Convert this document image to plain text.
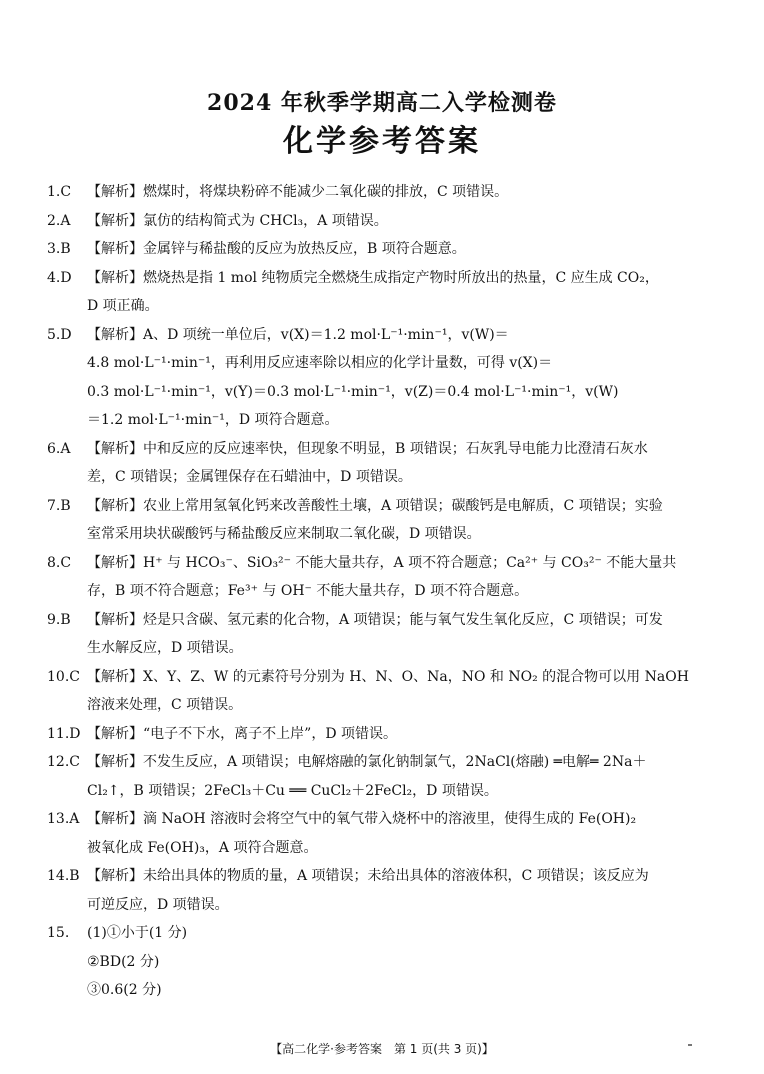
2024 年秋季学期高二入学检测卷
化学参考答案
1.C 【解析】燃煤时，将煤块粉碎不能减少二氧化碳的排放，C 项错误。
2.A 【解析】氯仿的结构简式为 CHCl₃，A 项错误。
3.B 【解析】金属锌与稀盐酸的反应为放热反应，B 项符合题意。
4.D 【解析】燃烧热是指 1 mol 纯物质完全燃烧生成指定产物时所放出的热量，C 应生成 CO₂，
D 项正确。
5.D 【解析】A、D 项统一单位后，v(X)＝1.2 mol·L⁻¹·min⁻¹，v(W)＝
4.8 mol·L⁻¹·min⁻¹，再利用反应速率除以相应的化学计量数，可得 v(X)＝
0.3 mol·L⁻¹·min⁻¹，v(Y)＝0.3 mol·L⁻¹·min⁻¹，v(Z)＝0.4 mol·L⁻¹·min⁻¹，v(W)
＝1.2 mol·L⁻¹·min⁻¹，D 项符合题意。
6.A 【解析】中和反应的反应速率快，但现象不明显，B 项错误；石灰乳导电能力比澄清石灰水
差，C 项错误；金属锂保存在石蜡油中，D 项错误。
7.B 【解析】农业上常用氢氧化钙来改善酸性土壤，A 项错误；碳酸钙是电解质，C 项错误；实验
室常采用块状碳酸钙与稀盐酸反应来制取二氧化碳，D 项错误。
8.C 【解析】H⁺ 与 HCO₃⁻、SiO₃²⁻ 不能大量共存，A 项不符合题意；Ca²⁺ 与 CO₃²⁻ 不能大量共
存，B 项不符合题意；Fe³⁺ 与 OH⁻ 不能大量共存，D 项不符合题意。
9.B 【解析】烃是只含碳、氢元素的化合物，A 项错误；能与氧气发生氧化反应，C 项错误；可发
生水解反应，D 项错误。
10.C 【解析】X、Y、Z、W 的元素符号分别为 H、N、O、Na，NO 和 NO₂ 的混合物可以用 NaOH
溶液来处理，C 项错误。
11.D 【解析】“电子不下水，离子不上岸”，D 项错误。
12.C 【解析】不发生反应，A 项错误；电解熔融的氯化钠制氯气，2NaCl(熔融) ═电解═ 2Na＋
Cl₂↑，B 项错误；2FeCl₃＋Cu ══ CuCl₂＋2FeCl₂，D 项错误。
13.A 【解析】滴 NaOH 溶液时会将空气中的氧气带入烧杯中的溶液里，使得生成的 Fe(OH)₂
被氧化成 Fe(OH)₃，A 项符合题意。
14.B 【解析】未给出具体的物质的量，A 项错误；未给出具体的溶液体积，C 项错误；该反应为
可逆反应，D 项错误。
15. (1)①小于(1 分)
②BD(2 分)
③0.6(2 分)
【高二化学·参考答案　第 1 页(共 3 页)】
